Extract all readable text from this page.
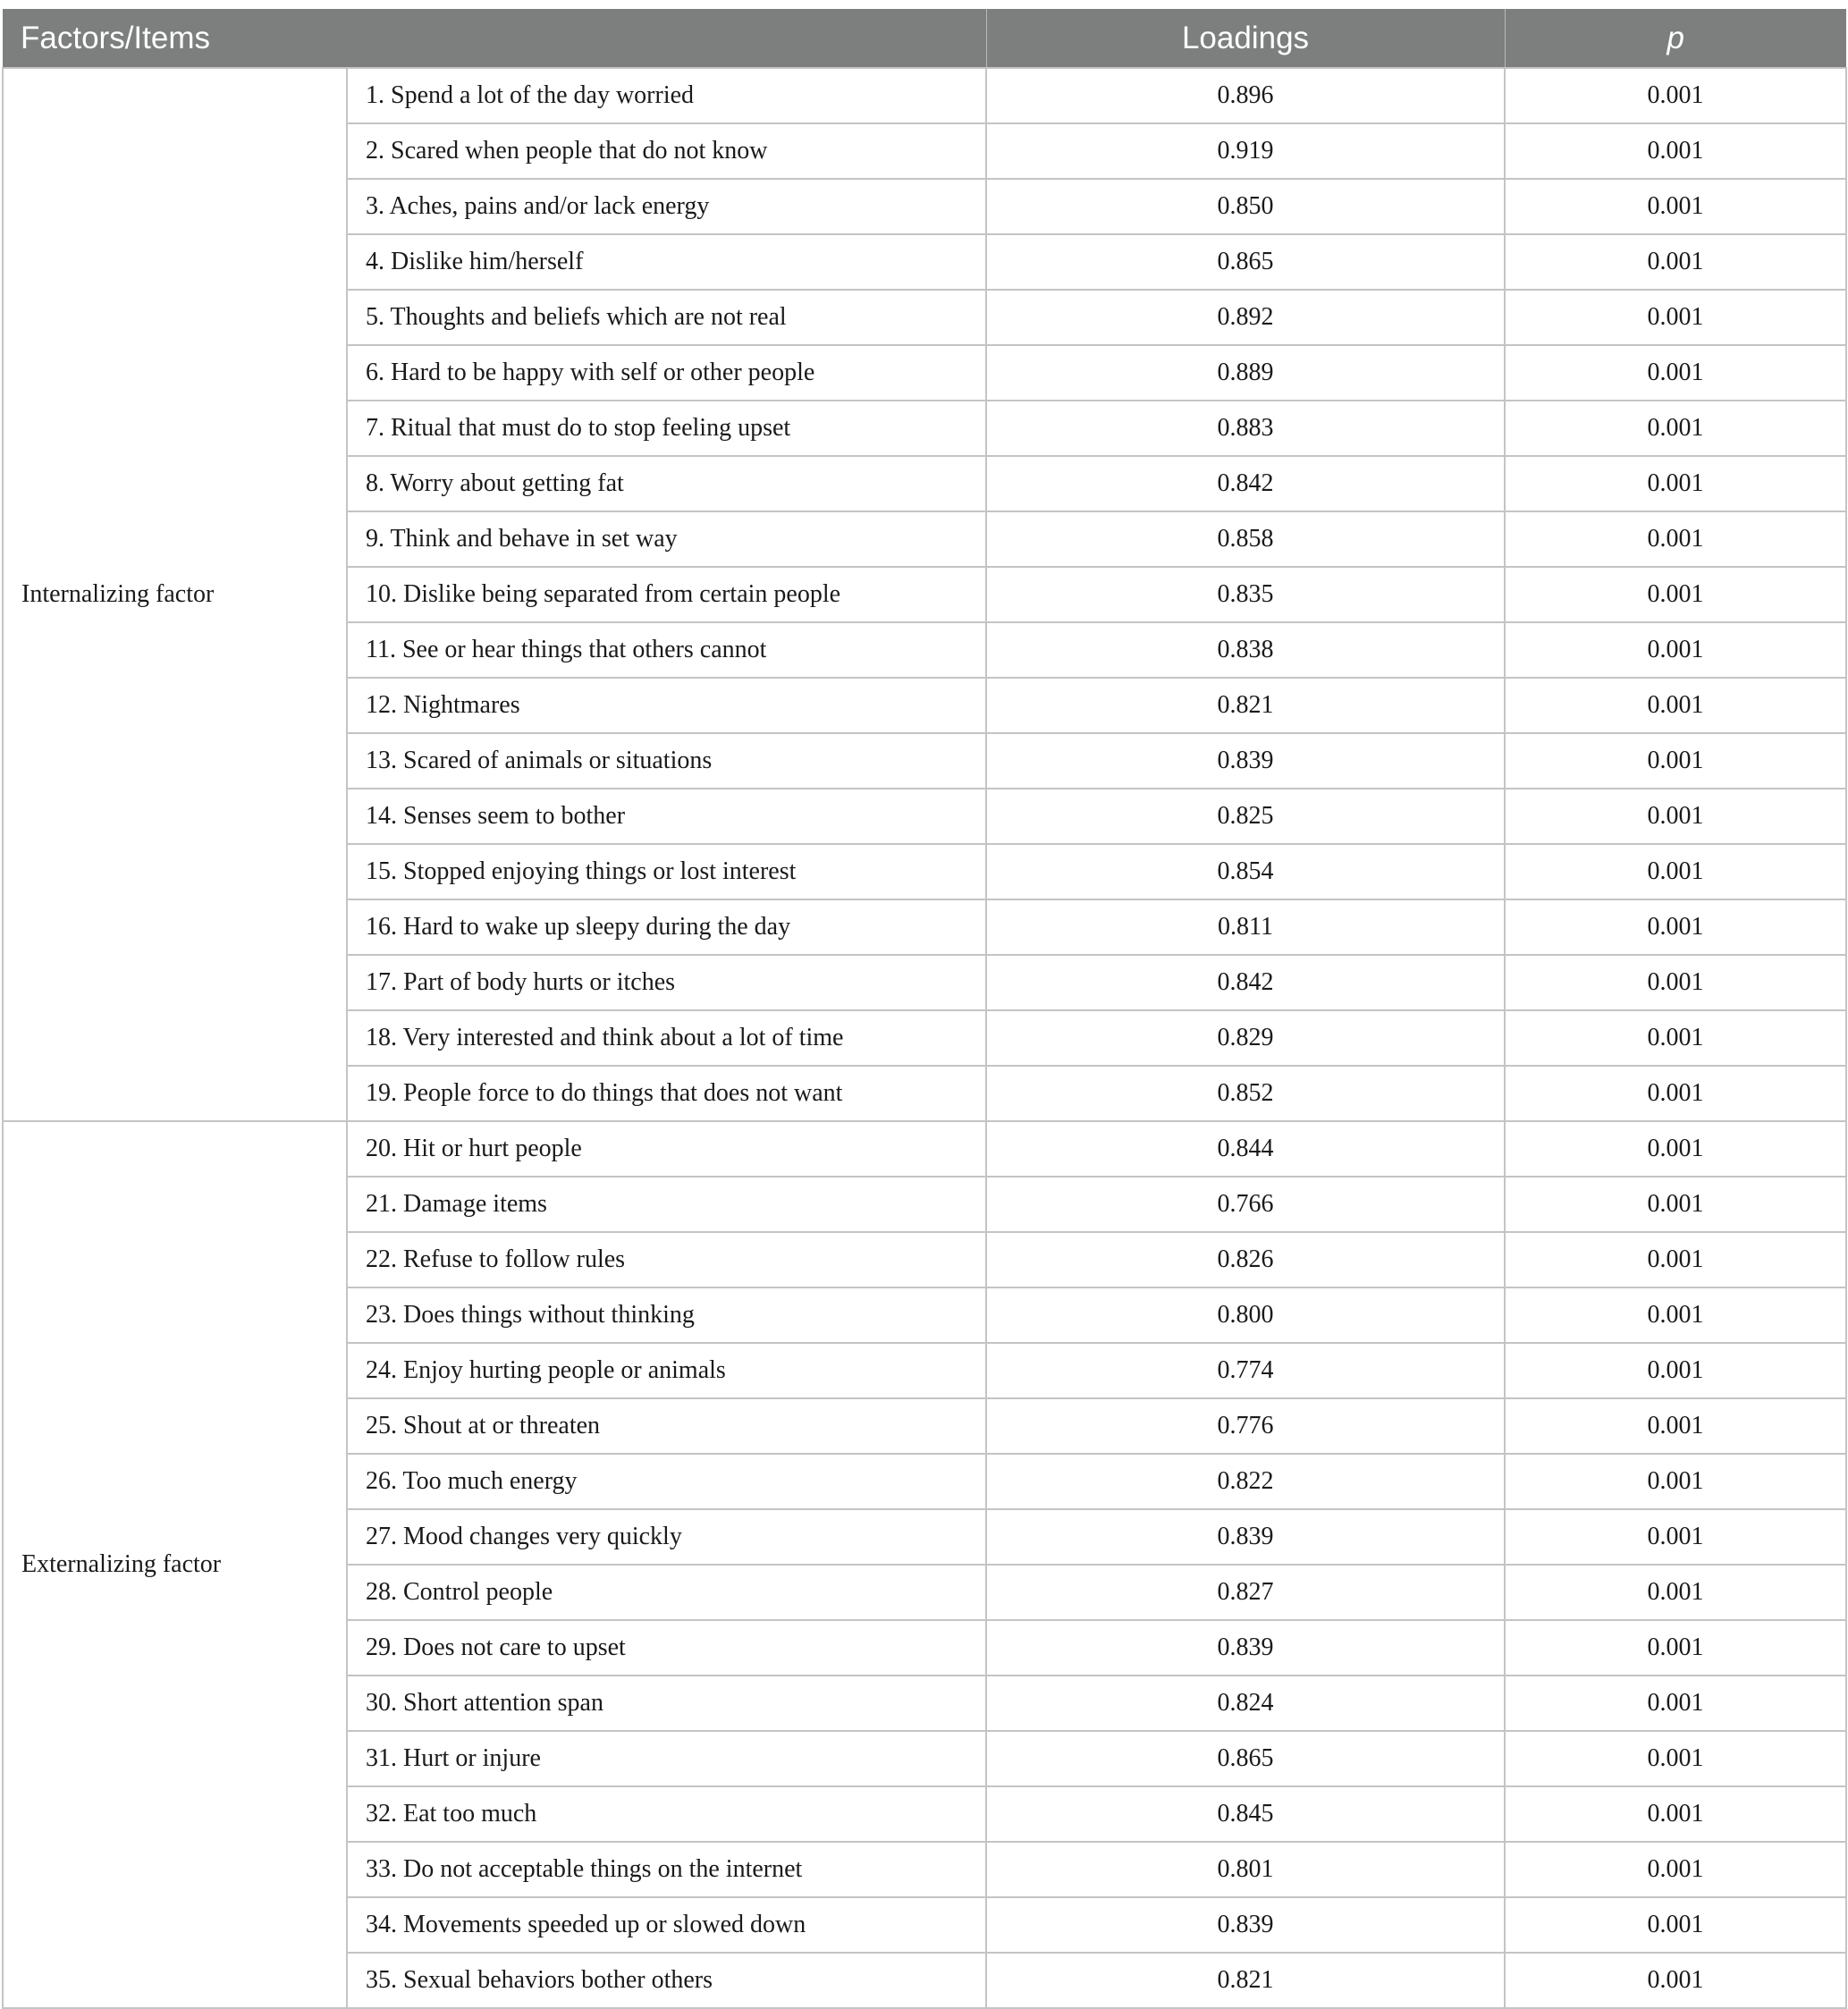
Factors/Items		Loadings	p
Internalizing factor	1. Spend a lot of the day worried	0.896	0.001
	2. Scared when people that do not know	0.919	0.001
	3. Aches, pains and/or lack energy	0.850	0.001
	4. Dislike him/herself	0.865	0.001
	5. Thoughts and beliefs which are not real	0.892	0.001
	6. Hard to be happy with self or other people	0.889	0.001
	7. Ritual that must do to stop feeling upset	0.883	0.001
	8. Worry about getting fat	0.842	0.001
	9. Think and behave in set way	0.858	0.001
	10. Dislike being separated from certain people	0.835	0.001
	11. See or hear things that others cannot	0.838	0.001
	12. Nightmares	0.821	0.001
	13. Scared of animals or situations	0.839	0.001
	14. Senses seem to bother	0.825	0.001
	15. Stopped enjoying things or lost interest	0.854	0.001
	16. Hard to wake up sleepy during the day	0.811	0.001
	17. Part of body hurts or itches	0.842	0.001
	18. Very interested and think about a lot of time	0.829	0.001
	19. People force to do things that does not want	0.852	0.001
Externalizing factor	20. Hit or hurt people	0.844	0.001
	21. Damage items	0.766	0.001
	22. Refuse to follow rules	0.826	0.001
	23. Does things without thinking	0.800	0.001
	24. Enjoy hurting people or animals	0.774	0.001
	25. Shout at or threaten	0.776	0.001
	26. Too much energy	0.822	0.001
	27. Mood changes very quickly	0.839	0.001
	28. Control people	0.827	0.001
	29. Does not care to upset	0.839	0.001
	30. Short attention span	0.824	0.001
	31. Hurt or injure	0.865	0.001
	32. Eat too much	0.845	0.001
	33. Do not acceptable things on the internet	0.801	0.001
	34. Movements speeded up or slowed down	0.839	0.001
	35. Sexual behaviors bother others	0.821	0.001
